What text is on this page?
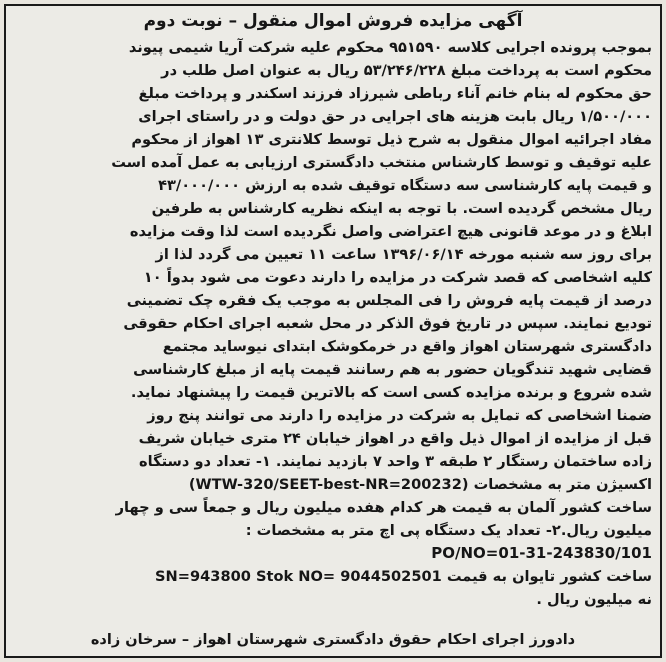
آگهی مزایده فروش اموال منقول – نوبت دوم
بموجب پرونده اجرایی کلاسه ۹۵۱۵۹۰ محکوم علیه شرکت آریا شیمی پیوند
محکوم است به پرداخت مبلغ ۵۳/۲۴۶/۲۲۸ ریال به عنوان اصل طلب در
حق محکوم له بنام خانم آناء رباطی شیرزاد فرزند اسکندر و پرداخت مبلغ
۱/۵۰۰/۰۰۰ ریال بابت هزینه های اجرایی در حق دولت و در راستای اجرای
مفاد اجرائیه اموال منقول به شرح ذیل توسط کلانتری ۱۳ اهواز از محکوم
علیه توقیف و توسط کارشناس منتخب دادگستری ارزیابی به عمل آمده است
و قیمت پایه کارشناسی سه دستگاه توقیف شده به ارزش ۴۳/۰۰۰/۰۰۰
ریال مشخص گردیده است. با توجه به اینکه نظریه کارشناس به طرفین
ابلاغ و در موعد قانونی هیچ اعتراضی واصل نگردیده است لذا وقت مزایده
برای روز سه شنبه مورخه ۱۳۹۶/۰۶/۱۴ ساعت ۱۱ تعیین می گردد لذا از
کلیه اشخاصی که قصد شرکت در مزایده را دارند دعوت می شود بدواً ۱۰
درصد از قیمت پایه فروش را فی المجلس به موجب یک فقره چک تضمینی
تودیع نمایند. سپس در تاریخ فوق الذکر در محل شعبه اجرای احکام حقوقی
دادگستری شهرستان اهواز واقع در خرمکوشک ابتدای نیوساید مجتمع
قضایی شهید تندگویان حضور به هم رسانند قیمت پایه از مبلغ کارشناسی
شده شروع و برنده مزایده کسی است که بالاترین قیمت را پیشنهاد نماید.
ضمنا اشخاصی که تمایل به شرکت در مزایده را دارند می توانند پنج روز
قبل از مزایده از اموال ذیل واقع در اهواز خیابان ۲۴ متری خیابان شریف
زاده ساختمان رستگار ۲ طبقه ۳ واحد ۷ بازدید نمایند. ۱- تعداد دو دستگاه
اکسیژن متر به مشخصات (WTW-320/SEET-best-NR=200232)
ساخت کشور آلمان به قیمت هر کدام هفده میلیون ریال و جمعاً سی و چهار
میلیون ریال.۲- تعداد یک دستگاه پی اچ متر به مشخصات :
PO/NO=01-31-243830/101
SN=943800 Stok NO= 9044502501 ساخت کشور تایوان به قیمت
نه میلیون ریال .
دادورز اجرای احکام حقوق دادگستری شهرستان اهواز – سرخان زاده
